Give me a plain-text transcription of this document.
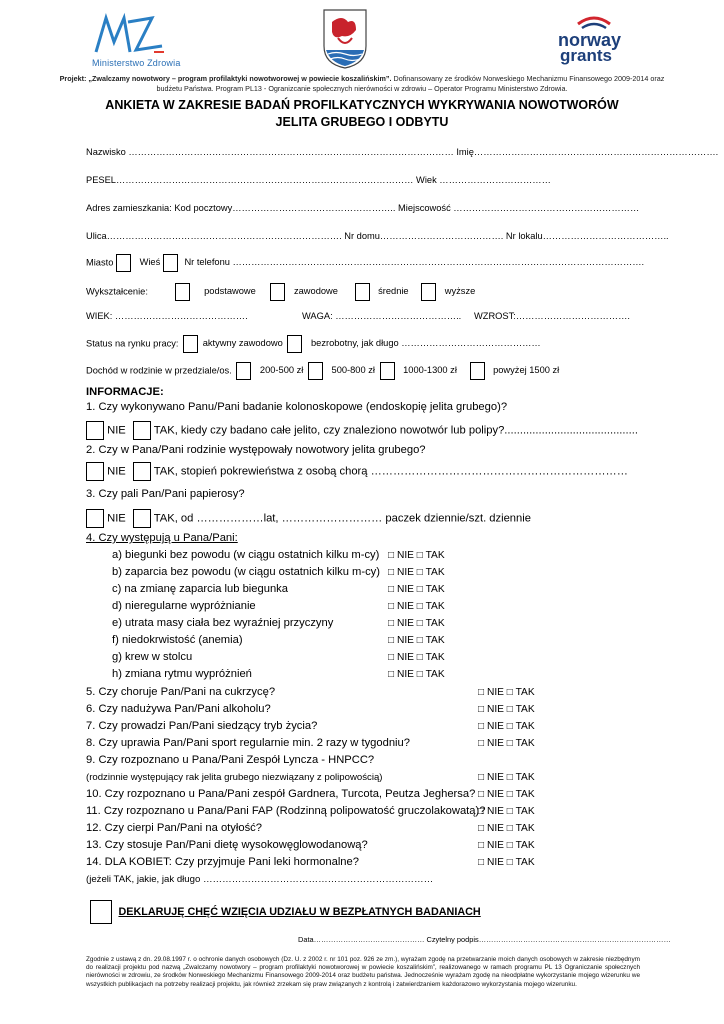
Ministerstwo Zdrowia
norway
grants
Projekt: „Zwalczamy nowotwory – program profilaktyki nowotworowej w powiecie koszalińskim”. Dofinansowany ze środków Norweskiego Mechanizmu Finansowego 2009-2014 oraz budżetu Państwa. Program PL13 - Ogranizcanie społecznych nierówności w zdrowiu – Operator Programu Ministerstwo Zdrowia.
ANKIETA W ZAKRESIE BADAŃ PROFILKATYCZNYCH WYKRYWANIA NOWOTWORÓW
JELITA GRUBEGO I ODBYTU
Nazwisko …………………………………………………………………………………………… Imię…………………………………………………………………….
PESEL…………………………………………………………………………………… Wiek ………………………………
Adres zamieszkania: Kod pocztowy…………………………………………….. Miejscowość ……………………………………………………
Ulica…………………………………………………………………. Nr domu…………………………………. Nr lokalu…………………………………..
Miasto	Wieś	Nr telefonu …………………………………………………………………………………………………………………….
Wykształcenie:	podstawowe	zawodowe	średnie	wyższe
WIEK: …………………………………….	WAGA: ………………………………….. WZROST:……………………………….
Status na rynku pracy:	aktywny zawodowo	bezrobotny, jak długo ………………………………………
Dochód w rodzinie w przedziale/os.	200-500 zł	500-800 zł	1000-1300 zł	powyżej 1500 zł
INFORMACJE:
1. Czy wykonywano Panu/Pani badanie kolonoskopowe (endoskopię jelita grubego)?
NIE	TAK, kiedy czy badano całe jelito, czy znaleziono nowotwór lub polipy?...........................................
2. Czy w Pana/Pani rodzinie występowały nowotwory jelita grubego?
NIE	TAK, stopień pokrewieństwa z osobą chorą ……………………………………………………………
3. Czy pali Pan/Pani papierosy?
NIE	TAK, od ………………lat, ……………………… paczek dziennie/szt. dziennie
4. Czy występują u Pana/Pani:
a) biegunki bez powodu (w ciągu ostatnich kilku m-cy) □ NIE □ TAK
b) zaparcia bez powodu (w ciągu ostatnich kilku m-cy) □ NIE □ TAK
c) na zmianę zaparcia lub biegunka	□ NIE □ TAK
d) nieregularne wypróżnianie	□ NIE □ TAK
e) utrata masy ciała bez wyraźniej przyczyny	□ NIE □ TAK
f) niedokrwistość (anemia)	□ NIE □ TAK
g) krew w stolcu	□ NIE □ TAK
h) zmiana rytmu wypróżnień	□ NIE □ TAK
5. Czy choruje Pan/Pani na cukrzycę?	□ NIE □ TAK
6. Czy nadużywa Pan/Pani alkoholu?	□ NIE □ TAK
7. Czy prowadzi Pan/Pani siedzący tryb życia?	□ NIE □ TAK
8. Czy uprawia Pan/Pani sport regularnie min. 2 razy w tygodniu?	□ NIE □ TAK
9. Czy rozpoznano u Pana/Pani Zespół Lyncza - HNPCC?
(rodzinnie występujący rak jelita grubego niezwiązany z polipowością)	□ NIE □ TAK
10. Czy rozpoznano u Pana/Pani zespół Gardnera, Turcota, Peutza Jeghersa? □ NIE □ TAK
11. Czy rozpoznano u Pana/Pani FAP (Rodzinną polipowatość gruczolakowatą)?
□ NIE □ TAK
12. Czy cierpi Pan/Pani na otyłość?	□ NIE □ TAK
13. Czy stosuje Pan/Pani dietę wysokowęglowodanową?	□ NIE □ TAK
14. DLA KOBIET: Czy przyjmuje Pani leki hormonalne?	□ NIE □ TAK
(jeżeli TAK, jakie, jak długo ………………………………………………………………
DEKLARUJĘ CHĘĆ WZIĘCIA UDZIAŁU W BEZPŁATNYCH BADANIACH
Data……………………………………… Czytelny podpis……………………………………………………………………
Zgodnie z ustawą z dn. 29.08.1997 r. o ochronie danych osobowych (Dz. U. z 2002 r. nr 101 poz. 926 ze zm.), wyrażam zgodę na przetwarzanie moich danych osobowych w zakresie niezbędnym do realizacji projektu pod nazwą „Zwalczamy nowotwory – program profilaktyki nowotworowej w powiecie koszalińskim”, realizowanego w ramach programu PL 13 Ograniczanie społecznych nierówności w zdrowiu, ze środków Norweskiego Mechanizmu Finansowego 2009-2014 oraz budżetu państwa. Jednocześnie wyrażam zgodę na nieodpłatne wykorzystanie mojego wizerunku we wszystkich publikacjach na potrzeby realizacji projektu, jak również zrzekam się praw związanych z kontrolą i zatwierdzaniem każdorazowo wykorzystania mojego wizerunku.
